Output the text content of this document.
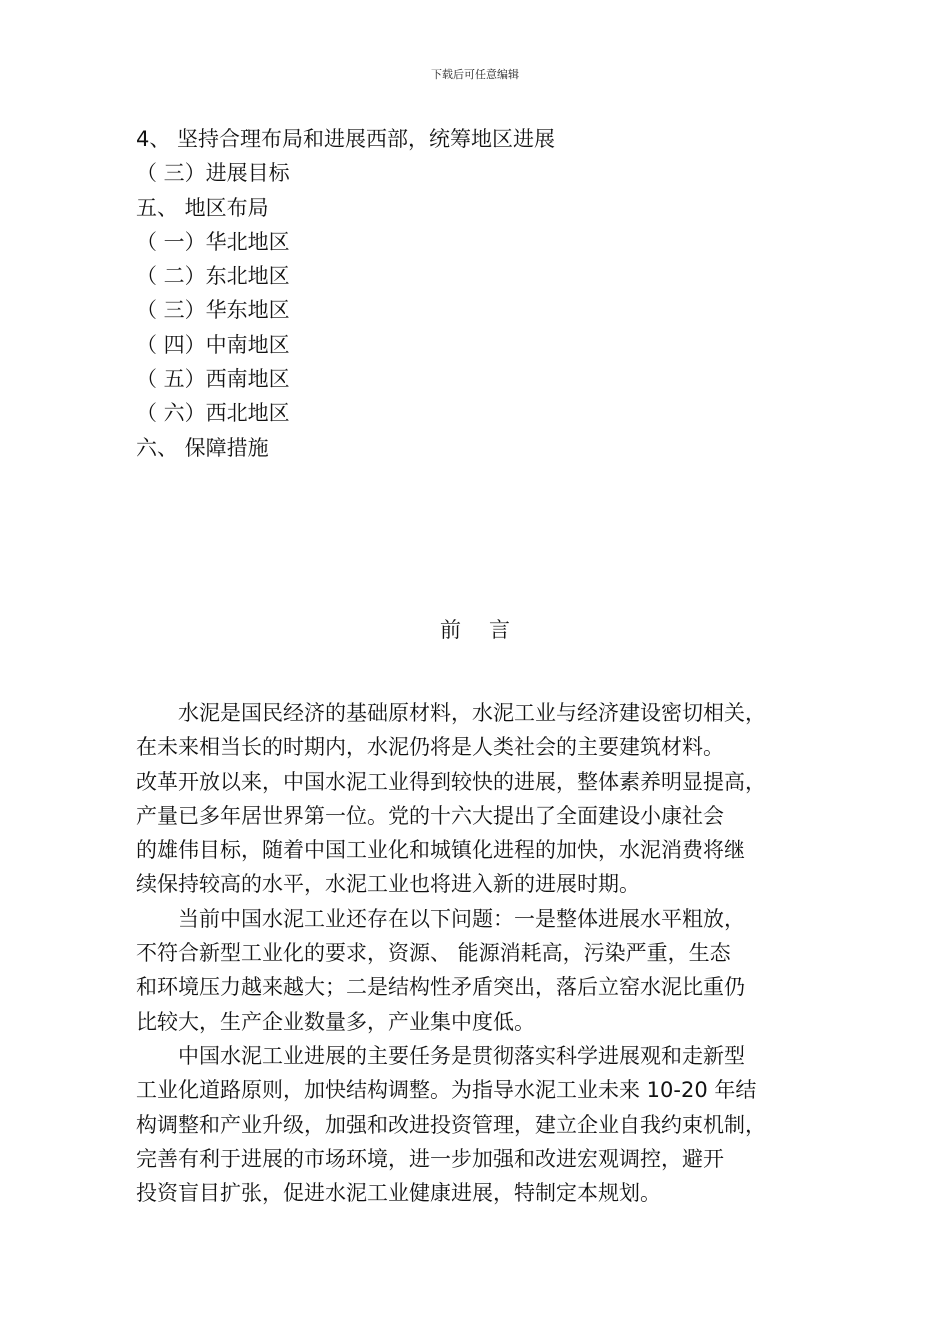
下载后可任意编辑
4、 坚持合理布局和进展西部，统筹地区进展
（ 三）进展目标
五、 地区布局
（ 一）华北地区
（ 二）东北地区
（ 三）华东地区
（ 四）中南地区
（ 五）西南地区
（ 六）西北地区
六、 保障措施
前言
　　水泥是国民经济的基础原材料，水泥工业与经济建设密切相关，
在未来相当长的时期内，水泥仍将是人类社会的主要建筑材料。
改革开放以来，中国水泥工业得到较快的进展，整体素养明显提高，
产量已多年居世界第一位。党的十六大提出了全面建设小康社会
的雄伟目标，随着中国工业化和城镇化进程的加快，水泥消费将继
续保持较高的水平，水泥工业也将进入新的进展时期。
　　当前中国水泥工业还存在以下问题：一是整体进展水平粗放，
不符合新型工业化的要求，资源、 能源消耗高，污染严重，生态
和环境压力越来越大；二是结构性矛盾突出，落后立窑水泥比重仍
比较大，生产企业数量多，产业集中度低。
　　中国水泥工业进展的主要任务是贯彻落实科学进展观和走新型
工业化道路原则，加快结构调整。为指导水泥工业未来 10-20 年结
构调整和产业升级，加强和改进投资管理，建立企业自我约束机制，
完善有利于进展的市场环境，进一步加强和改进宏观调控，避开
投资盲目扩张，促进水泥工业健康进展，特制定本规划。
